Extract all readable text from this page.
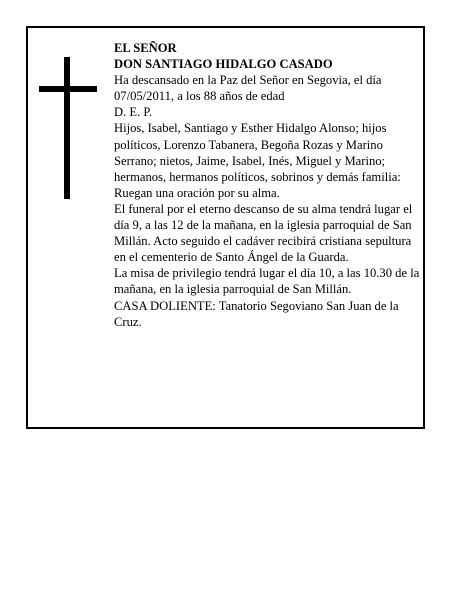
EL SEÑOR

DON SANTIAGO HIDALGO CASADO

Ha descansado en la Paz del Señor en Segovia, el día 07/05/2011, a los 88 años de edad

D. E. P.

Hijos, Isabel, Santiago y Esther Hidalgo Alonso; hijos políticos, Lorenzo Tabanera, Begoña Rozas y Marino Serrano; nietos, Jaime, Isabel, Inés, Miguel y Marino; hermanos, hermanos políticos, sobrinos y demás familia:

Ruegan una oración por su alma.

El funeral por el eterno descanso de su alma tendrá lugar el día 9, a las 12 de la mañana, en la iglesia parroquial de San Millán. Acto seguido el cadáver recibirá cristiana sepultura en el cementerio de Santo Ángel de la Guarda.

La misa de privilegio tendrá lugar el día 10, a las 10.30 de la mañana, en la iglesia parroquial de San Millán.

CASA DOLIENTE: Tanatorio Segoviano San Juan de la Cruz.
